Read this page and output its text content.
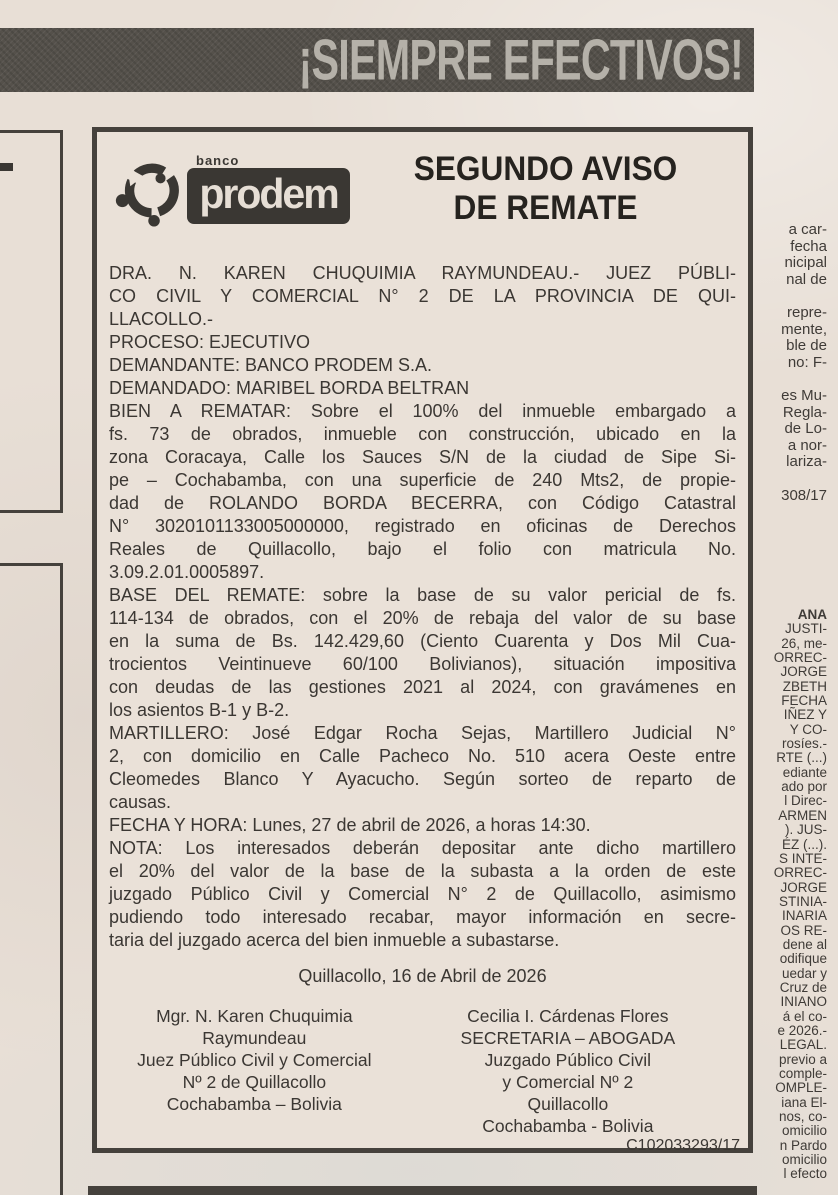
¡SIEMPRE EFECTIVOS!
a car-
fecha
nicipal
nal de

repre-
mente,
ble de
no: F-

es Mu-
Regla-
de Lo-
a nor-
lariza-

308/17
ANA
JUSTI-
26, me-
ORREC-
JORGE
ZBETH
FECHA
IÑEZ Y
Y CO-
rosíes.-
RTE (...)
ediante
ado por
l Direc-
ARMEN
). JUS-
ÉZ (...).
S INTE-
ORREC-
JORGE
STINIA-
INARIA
OS RE-
dene al
odifique
uedar y
Cruz de
INIANO
á el co-
e 2026.-
LEGAL.
previo a
comple-
OMPLE-
iana El-
nos, co-
omicilio
n Pardo
omicilio
l efecto
banco
prodem
SEGUNDO AVISO
DE REMATE
DRA. N. KAREN CHUQUIMIA RAYMUNDEAU.- JUEZ PÚBLI-
CO CIVIL Y COMERCIAL N° 2 DE LA PROVINCIA DE QUI-
LLACOLLO.-
PROCESO: EJECUTIVO
DEMANDANTE: BANCO PRODEM S.A.
DEMANDADO: MARIBEL BORDA BELTRAN
BIEN A REMATAR: Sobre el 100% del inmueble embargado a
fs. 73 de obrados, inmueble con construcción, ubicado en la
zona Coracaya, Calle los Sauces S/N de la ciudad de Sipe Si-
pe – Cochabamba, con una superficie de 240 Mts2, de propie-
dad de ROLANDO BORDA BECERRA, con Código Catastral
N° 3020101133005000000, registrado en oficinas de Derechos
Reales de Quillacollo, bajo el folio con matricula No.
3.09.2.01.0005897.
BASE DEL REMATE: sobre la base de su valor pericial de fs.
114-134 de obrados, con el 20% de rebaja del valor de su base
en la suma de Bs. 142.429,60 (Ciento Cuarenta y Dos Mil Cua-
trocientos Veintinueve 60/100 Bolivianos), situación impositiva
con deudas de las gestiones 2021 al 2024, con gravámenes en
los asientos B-1 y B-2.
MARTILLERO: José Edgar Rocha Sejas, Martillero Judicial N°
2, con domicilio en Calle Pacheco No. 510 acera Oeste entre
Cleomedes Blanco Y Ayacucho. Según sorteo de reparto de
causas.
FECHA Y HORA: Lunes, 27 de abril de 2026, a horas 14:30.
NOTA: Los interesados deberán depositar ante dicho martillero
el 20% del valor de la base de la subasta a la orden de este
juzgado Público Civil y Comercial N° 2 de Quillacollo, asimismo
pudiendo todo interesado recabar, mayor información en secre-
taria del juzgado acerca del bien inmueble a subastarse.
Quillacollo, 16 de Abril de 2026
Mgr. N. Karen Chuquimia Raymundeau
Juez Público Civil y Comercial
Nº 2 de Quillacollo
Cochabamba – Bolivia
Cecilia I. Cárdenas Flores
SECRETARIA – ABOGADA
Juzgado Público Civil
y Comercial Nº 2
Quillacollo
Cochabamba - Bolivia
C102033293/17
